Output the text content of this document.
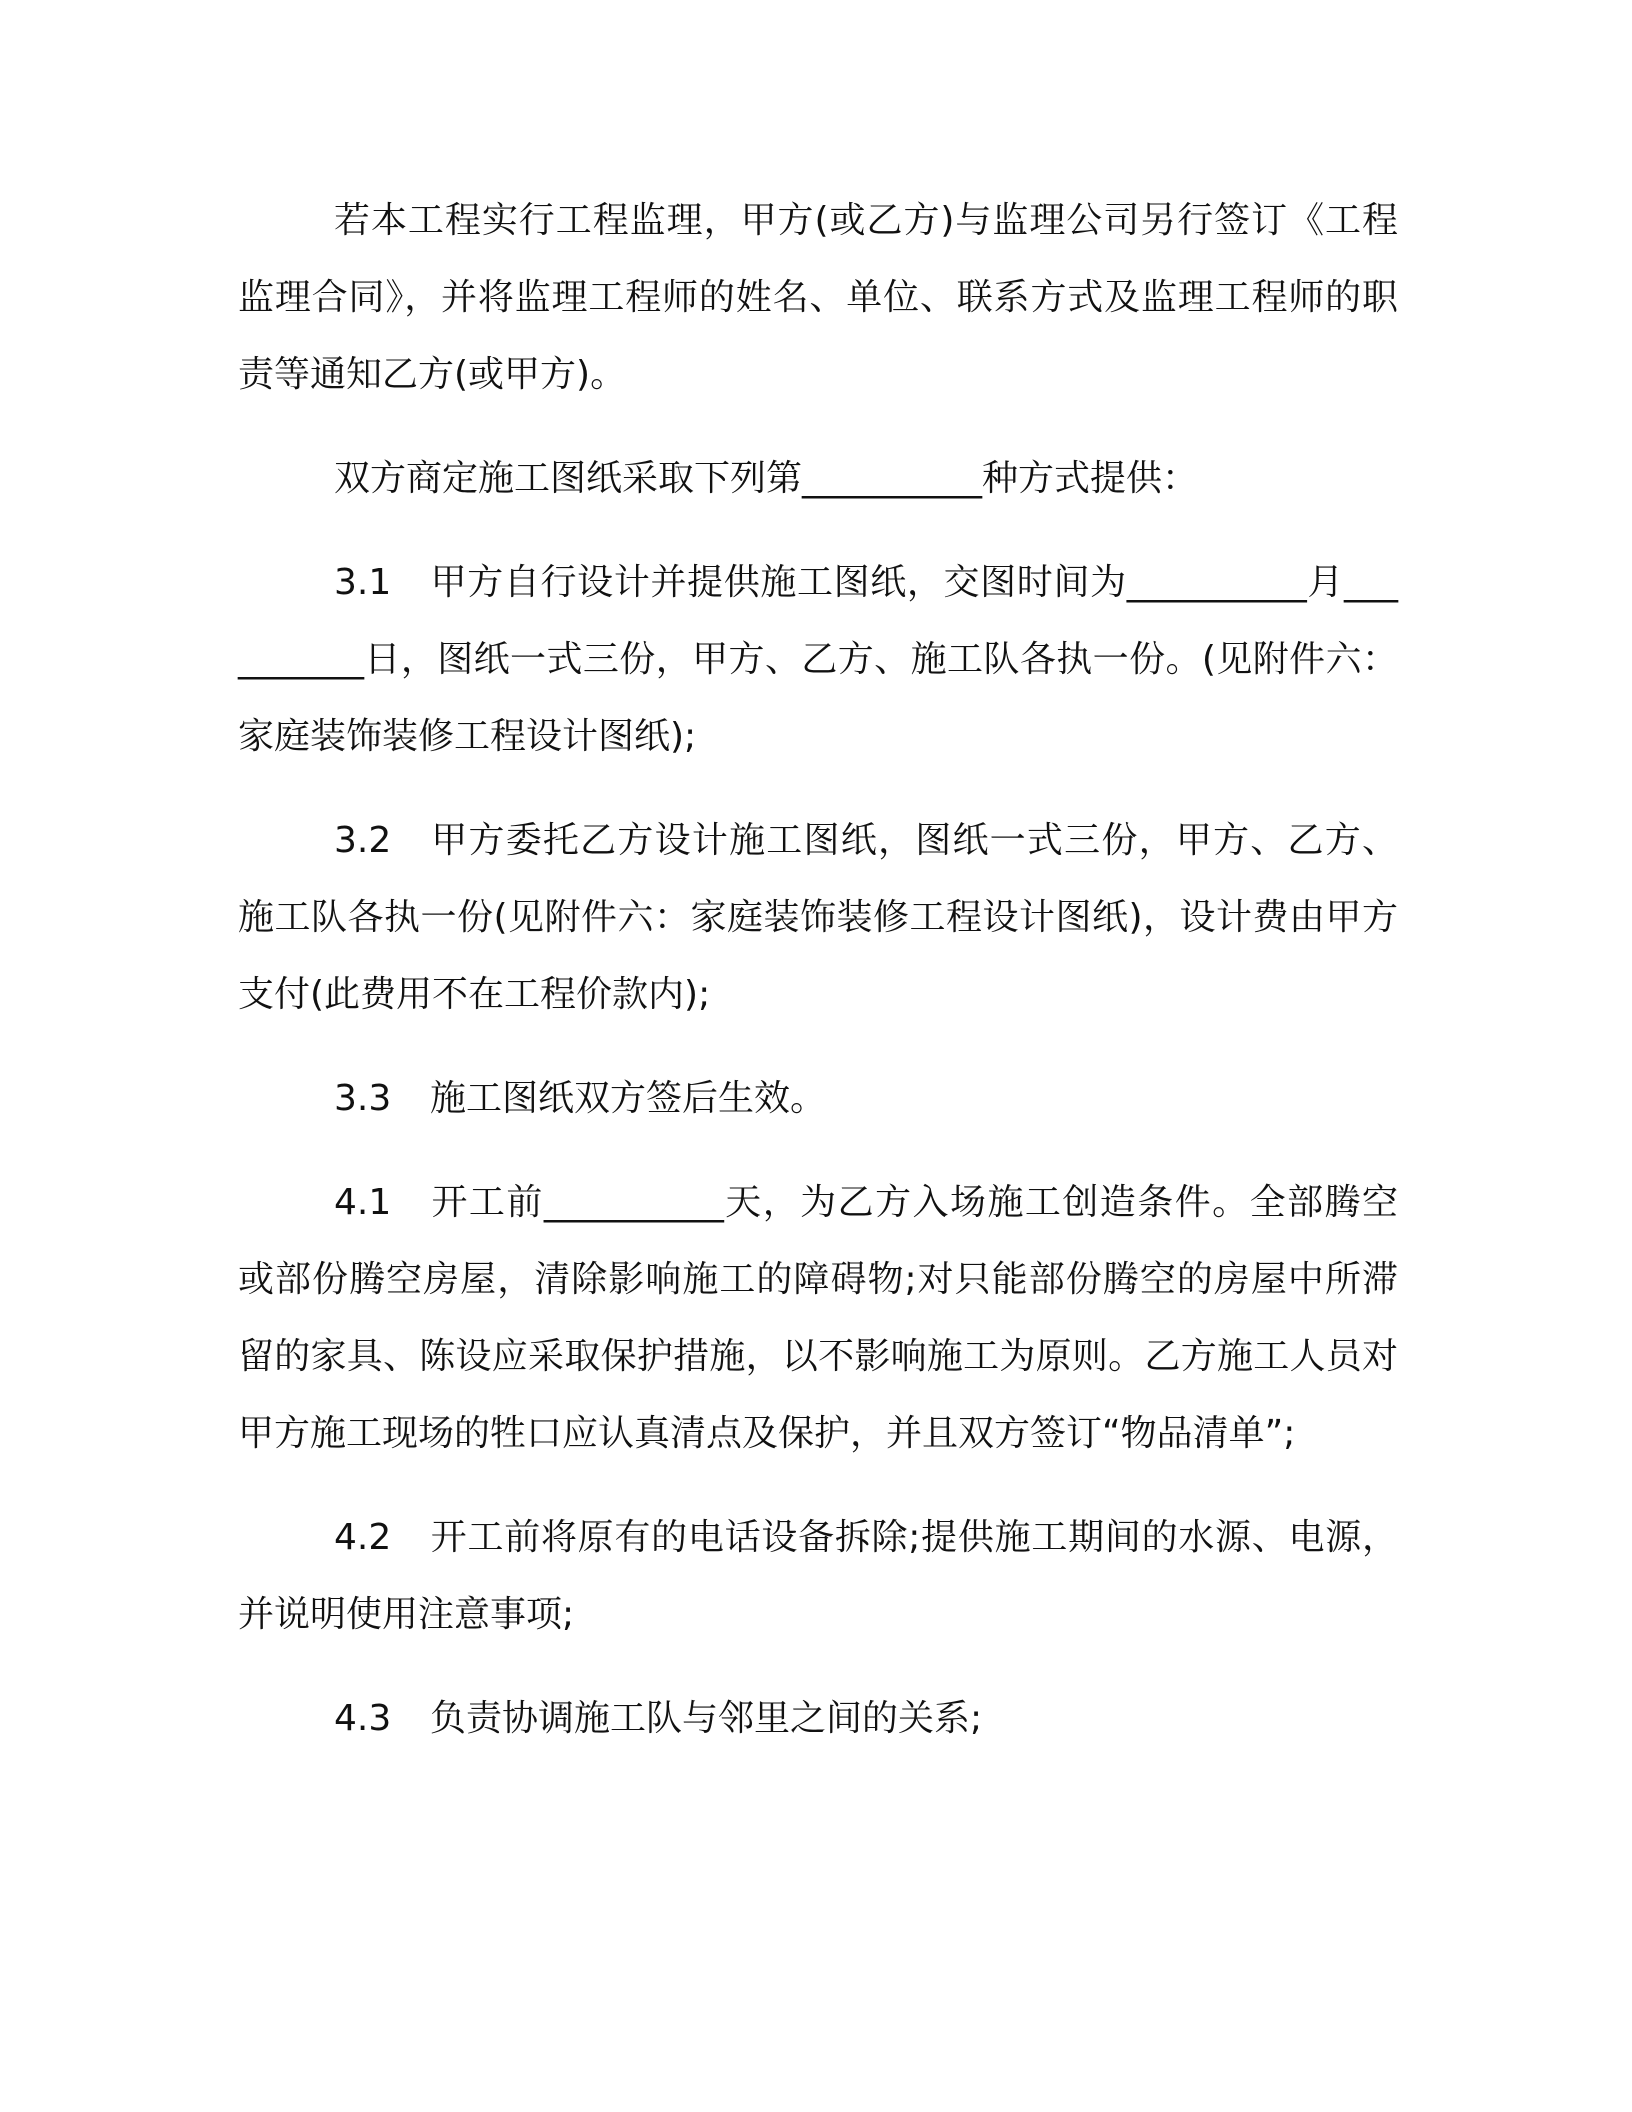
若本工程实行工程监理，甲方(或乙方)与监理公司另行签订《工程监理合同》，并将监理工程师的姓名、单位、联系方式及监理工程师的职责等通知乙方(或甲方)。

双方商定施工图纸采取下列第__________种方式提供：

3.1 甲方自行设计并提供施工图纸，交图时间为__________月__________日，图纸一式三份，甲方、乙方、施工队各执一份。(见附件六：家庭装饰装修工程设计图纸);

3.2 甲方委托乙方设计施工图纸，图纸一式三份，甲方、乙方、施工队各执一份(见附件六：家庭装饰装修工程设计图纸)，设计费由甲方支付(此费用不在工程价款内);

3.3 施工图纸双方签后生效。

4.1 开工前__________天，为乙方入场施工创造条件。全部腾空或部份腾空房屋，清除影响施工的障碍物;对只能部份腾空的房屋中所滞留的家具、陈设应采取保护措施，以不影响施工为原则。乙方施工人员对甲方施工现场的牲口应认真清点及保护，并且双方签订“物品清单”;

4.2 开工前将原有的电话设备拆除;提供施工期间的水源、电源，并说明使用注意事项;

4.3 负责协调施工队与邻里之间的关系;
